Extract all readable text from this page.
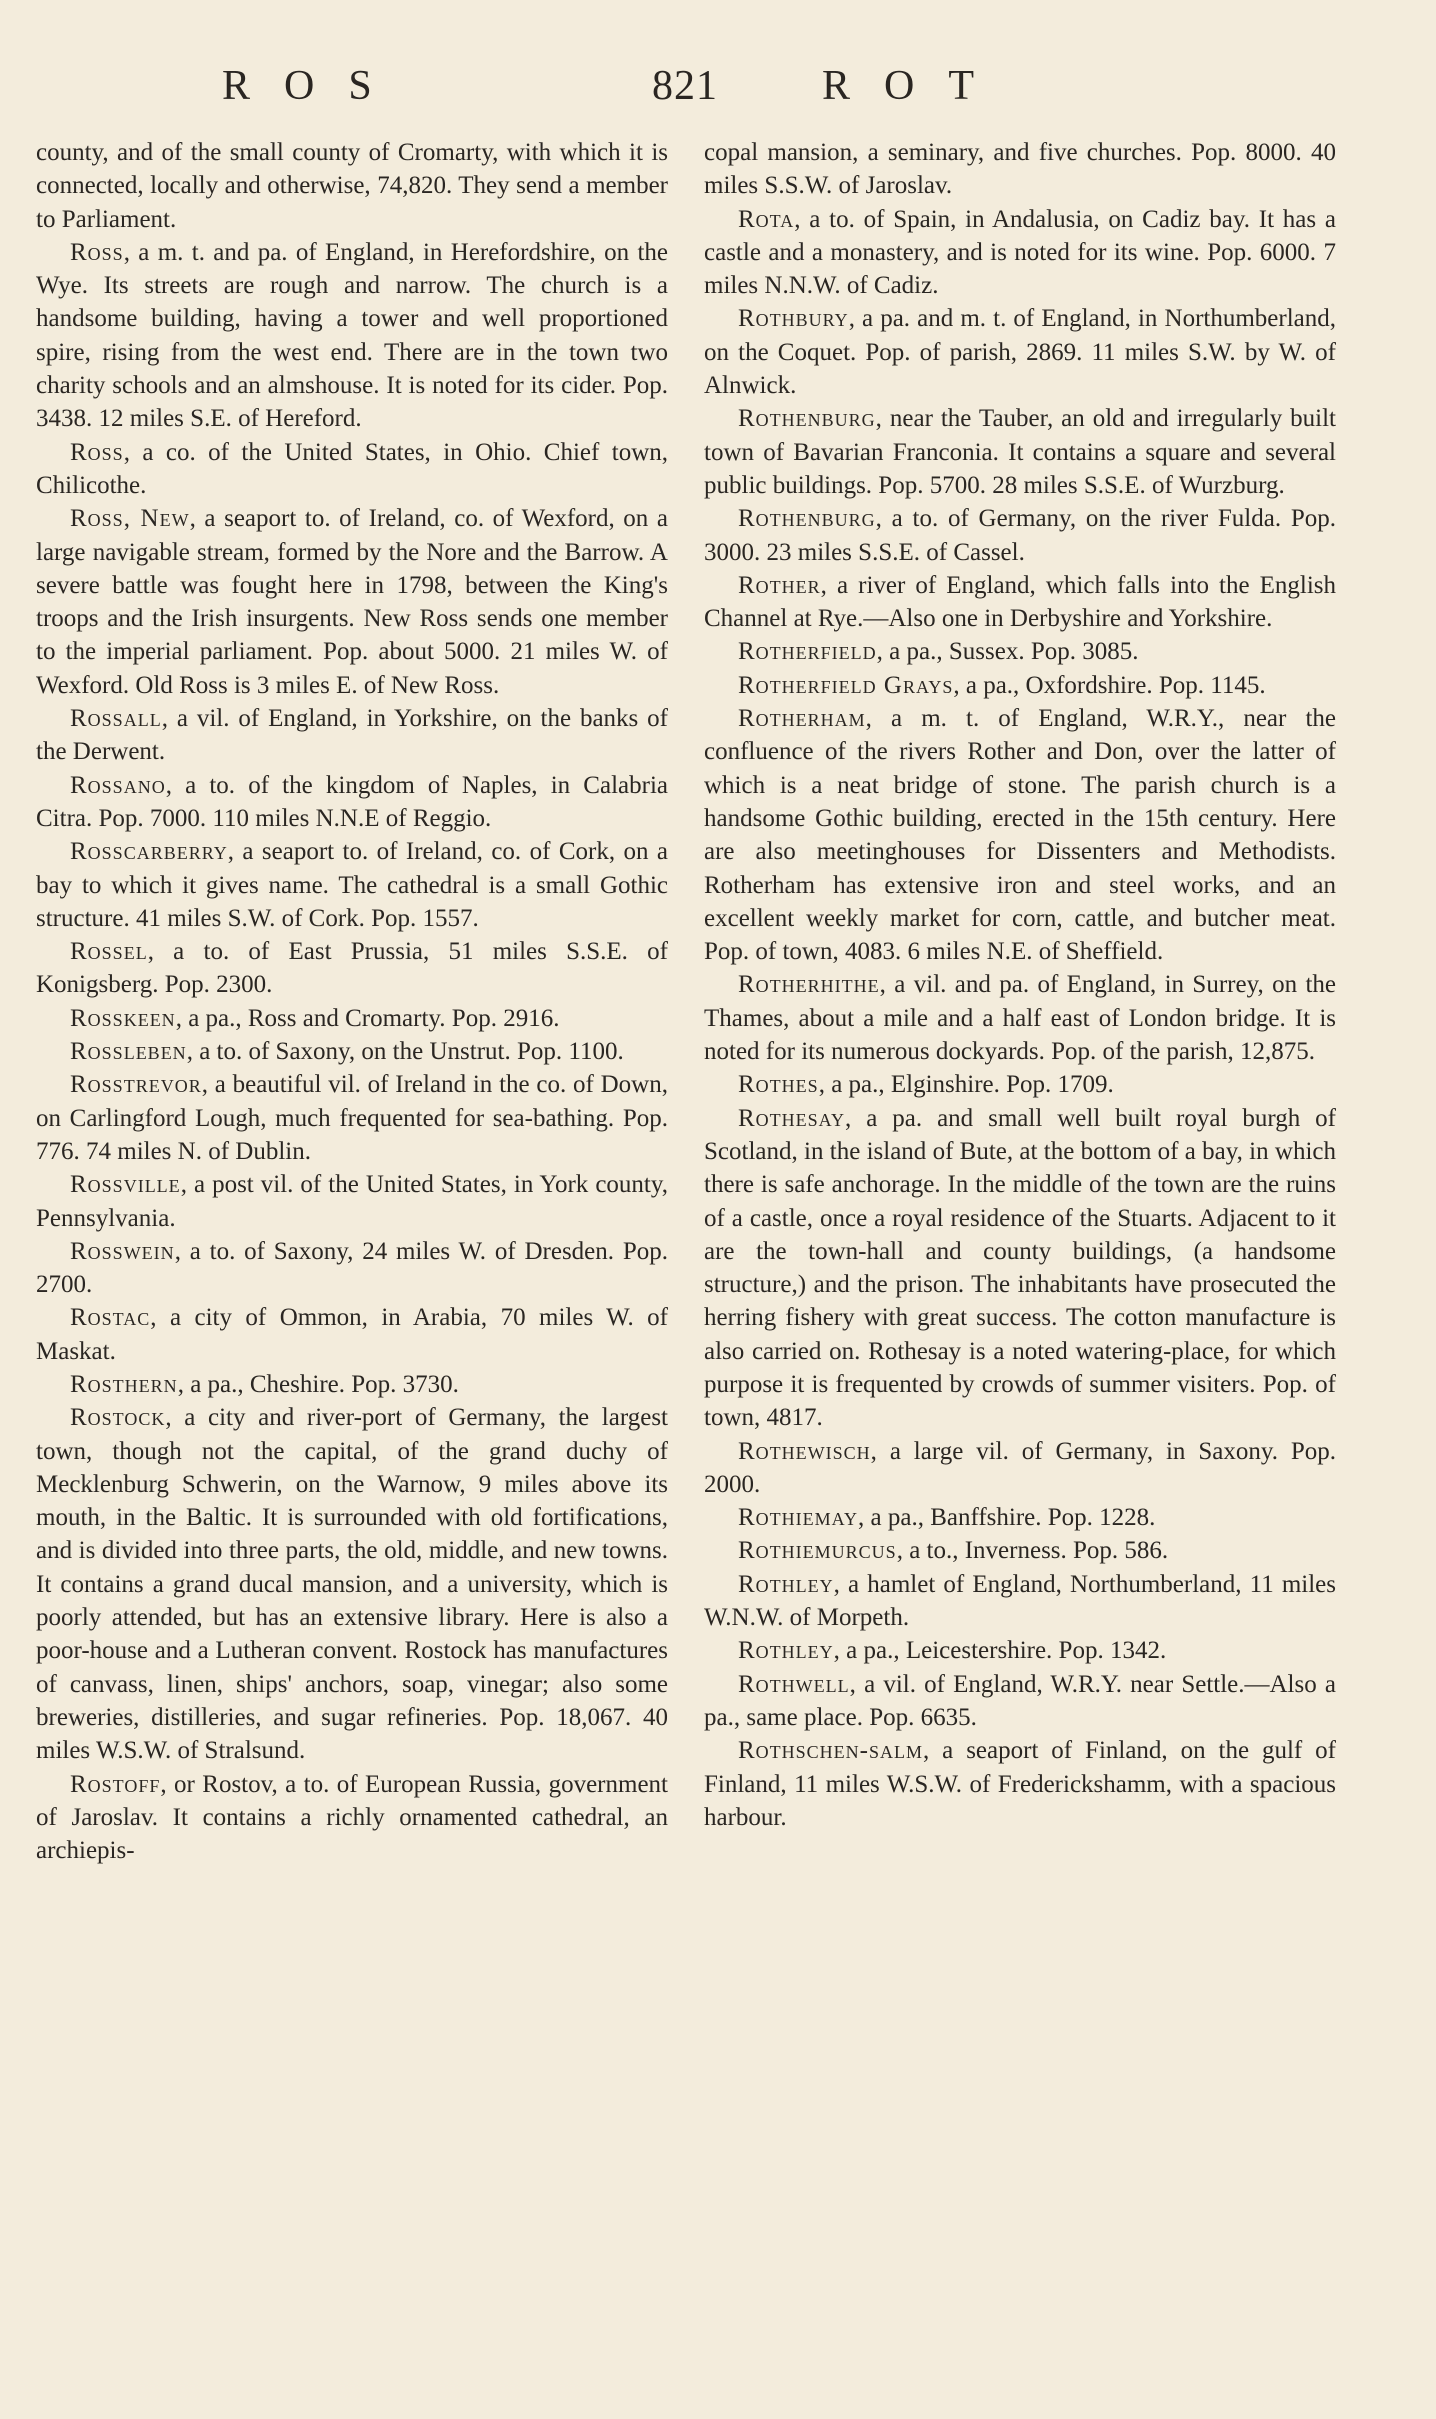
ROS	821 ROT

county, and of the small county of Cromarty, with which it is connected, locally and otherwise, 74,820. They send a member to Parliament.

Ross, a m. t. and pa. of England, in Herefordshire, on the Wye. Its streets are rough and narrow. The church is a handsome building, having a tower and well proportioned spire, rising from the west end. There are in the town two charity schools and an almshouse. It is noted for its cider. Pop. 3438. 12 miles S.E. of Hereford.

Ross, a co. of the United States, in Ohio. Chief town, Chilicothe.

Ross, New, a seaport to. of Ireland, co. of Wexford, on a large navigable stream, formed by the Nore and the Barrow. A severe battle was fought here in 1798, between the King's troops and the Irish insurgents. New Ross sends one member to the imperial parliament. Pop. about 5000. 21 miles W. of Wexford. Old Ross is 3 miles E. of New Ross.

Rossall, a vil. of England, in Yorkshire, on the banks of the Derwent.

Rossano, a to. of the kingdom of Naples, in Calabria Citra. Pop. 7000. 110 miles N.N.E of Reggio.

Rosscarberry, a seaport to. of Ireland, co. of Cork, on a bay to which it gives name. The cathedral is a small Gothic structure. 41 miles S.W. of Cork. Pop. 1557.

Rossel, a to. of East Prussia, 51 miles S.S.E. of Konigsberg. Pop. 2300.

Rosskeen, a pa., Ross and Cromarty. Pop. 2916.

Rossleben, a to. of Saxony, on the Unstrut. Pop. 1100.

Rosstrevor, a beautiful vil. of Ireland in the co. of Down, on Carlingford Lough, much frequented for sea-bathing. Pop. 776. 74 miles N. of Dublin.

Rossville, a post vil. of the United States, in York county, Pennsylvania.

Rosswein, a to. of Saxony, 24 miles W. of Dresden. Pop. 2700.

Rostac, a city of Ommon, in Arabia, 70 miles W. of Maskat.

Rosthern, a pa., Cheshire. Pop. 3730.

Rostock, a city and river-port of Germany, the largest town, though not the capital, of the grand duchy of Mecklenburg Schwerin, on the Warnow, 9 miles above its mouth, in the Baltic. It is surrounded with old fortifications, and is divided into three parts, the old, middle, and new towns. It contains a grand ducal mansion, and a university, which is poorly attended, but has an extensive library. Here is also a poor-house and a Lutheran convent. Rostock has manufactures of canvass, linen, ships' anchors, soap, vinegar; also some breweries, distilleries, and sugar refineries. Pop. 18,067. 40 miles W.S.W. of Stralsund.

Rostoff, or Rostov, a to. of European Russia, government of Jaroslav. It contains a richly ornamented cathedral, an archiepis-

copal mansion, a seminary, and five churches. Pop. 8000. 40 miles S.S.W. of Jaroslav.

Rota, a to. of Spain, in Andalusia, on Cadiz bay. It has a castle and a monastery, and is noted for its wine. Pop. 6000. 7 miles N.N.W. of Cadiz.

Rothbury, a pa. and m. t. of England, in Northumberland, on the Coquet. Pop. of parish, 2869. 11 miles S.W. by W. of Alnwick.

Rothenburg, near the Tauber, an old and irregularly built town of Bavarian Franconia. It contains a square and several public buildings. Pop. 5700. 28 miles S.S.E. of Wurzburg.

Rothenburg, a to. of Germany, on the river Fulda. Pop. 3000. 23 miles S.S.E. of Cassel.

Rother, a river of England, which falls into the English Channel at Rye.—Also one in Derbyshire and Yorkshire.

Rotherfield, a pa., Sussex. Pop. 3085.

Rotherfield Grays, a pa., Oxfordshire. Pop. 1145.

Rotherham, a m. t. of England, W.R.Y., near the confluence of the rivers Rother and Don, over the latter of which is a neat bridge of stone. The parish church is a handsome Gothic building, erected in the 15th century. Here are also meetinghouses for Dissenters and Methodists. Rotherham has extensive iron and steel works, and an excellent weekly market for corn, cattle, and butcher meat. Pop. of town, 4083. 6 miles N.E. of Sheffield.

Rotherhithe, a vil. and pa. of England, in Surrey, on the Thames, about a mile and a half east of London bridge. It is noted for its numerous dockyards. Pop. of the parish, 12,875.

Rothes, a pa., Elginshire. Pop. 1709.

Rothesay, a pa. and small well built royal burgh of Scotland, in the island of Bute, at the bottom of a bay, in which there is safe anchorage. In the middle of the town are the ruins of a castle, once a royal residence of the Stuarts. Adjacent to it are the town-hall and county buildings, (a handsome structure,) and the prison. The inhabitants have prosecuted the herring fishery with great success. The cotton manufacture is also carried on. Rothesay is a noted watering-place, for which purpose it is frequented by crowds of summer visiters. Pop. of town, 4817.

Rothewisch, a large vil. of Germany, in Saxony. Pop. 2000.

Rothiemay, a pa., Banffshire. Pop. 1228.

Rothiemurcus, a to., Inverness. Pop. 586.

Rothley, a hamlet of England, Northumberland, 11 miles W.N.W. of Morpeth.

Rothley, a pa., Leicestershire. Pop. 1342.

Rothwell, a vil. of England, W.R.Y. near Settle.—Also a pa., same place. Pop. 6635.

Rothschen-salm, a seaport of Finland, on the gulf of Finland, 11 miles W.S.W. of Frederickshamm, with a spacious harbour.
